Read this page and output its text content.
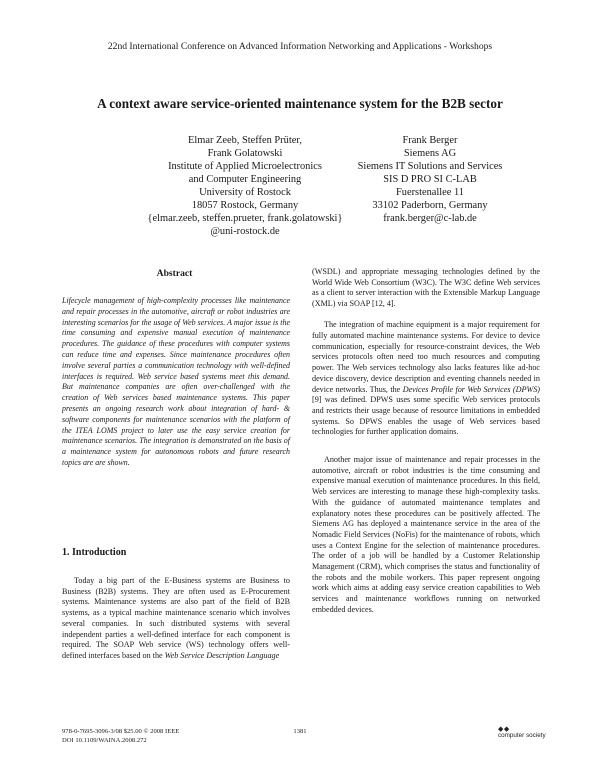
22nd International Conference on Advanced Information Networking and Applications - Workshops
A context aware service-oriented maintenance system for the B2B sector
Elmar Zeeb, Steffen Prüter,
Frank Golatowski
Institute of Applied Microelectronics
and Computer Engineering
University of Rostock
18057 Rostock, Germany
{elmar.zeeb, steffen.prueter, frank.golatowski}
@uni-rostock.de
Frank Berger
Siemens AG
Siemens IT Solutions and Services
SIS D PRO SI C-LAB
Fuerstenallee 11
33102 Paderborn, Germany
frank.berger@c-lab.de
Abstract
Lifecycle management of high-complexity processes like maintenance and repair processes in the automotive, aircraft or robot industries are interesting scenarios for the usage of Web services. A major issue is the time consuming and expensive manual execution of maintenance procedures. The guidance of these procedures with computer systems can reduce time and expenses. Since maintenance procedures often involve several parties a communication technology with well-defined interfaces is required. Web service based systems meet this demand. But maintenance companies are often over-challenged with the creation of Web services based maintenance systems. This paper presents an ongoing research work about integration of hard- & software components for maintenance scenarios with the platform of the ITEA LOMS project to later use the easy service creation for maintenance scenarios. The integration is demonstrated on the basis of a maintenance system for autonomous robots and future research topics are are shown.
1. Introduction

Today a big part of the E-Business systems are Business to Business (B2B) systems. They are often used as E-Procurement systems. Maintenance systems are also part of the field of B2B systems, as a typical machine maintenance scenario which involves several companies. In such distributed systems with several independent parties a well-defined interface for each component is required. The SOAP Web service (WS) technology offers well-defined interfaces based on the Web Service Description Language

(WSDL) and appropriate messaging technologies defined by the World Wide Web Consortium (W3C). The W3C define Web services as a client to server interaction with the Extensible Markup Language (XML) via SOAP [12, 4].

The integration of machine equipment is a major requirement for fully automated machine maintenance systems. For device to device communication, especially for resource-constraint devices, the Web services protocols often need too much resources and computing power. The Web services technology also lacks features like ad-hoc device discovery, device description and eventing channels needed in device networks. Thus, the Devices Profile for Web Services (DPWS)[9] was defined. DPWS uses some specific Web services protocols and restricts their usage because of resource limitations in embedded systems. So DPWS enables the usage of Web services based technologies for further application domains.

Another major issue of maintenance and repair processes in the automotive, aircraft or robot industries is the time consuming and expensive manual execution of maintenance procedures. In this field, Web services are interesting to manage these high-complexity tasks. With the guidance of automated maintenance templates and explanatory notes these procedures can be positively affected. The Siemens AG has deployed a maintenance service in the area of the Nomadic Field Services (NoFis) for the maintenance of robots, which uses a Context Engine for the selection of maintenance procedures. The order of a job will be handled by a Customer Relationship Management (CRM), which comprises the status and functionality of the robots and the mobile workers. This paper represent ongoing work which aims at adding easy service creation capabilities to Web services and maintenance workflows running on networked embedded devices.

978-0-7695-3096-3/08 $25.00 © 2008 IEEE
DOI 10.1109/WAINA.2008.272
1381	◆◆
computer society
